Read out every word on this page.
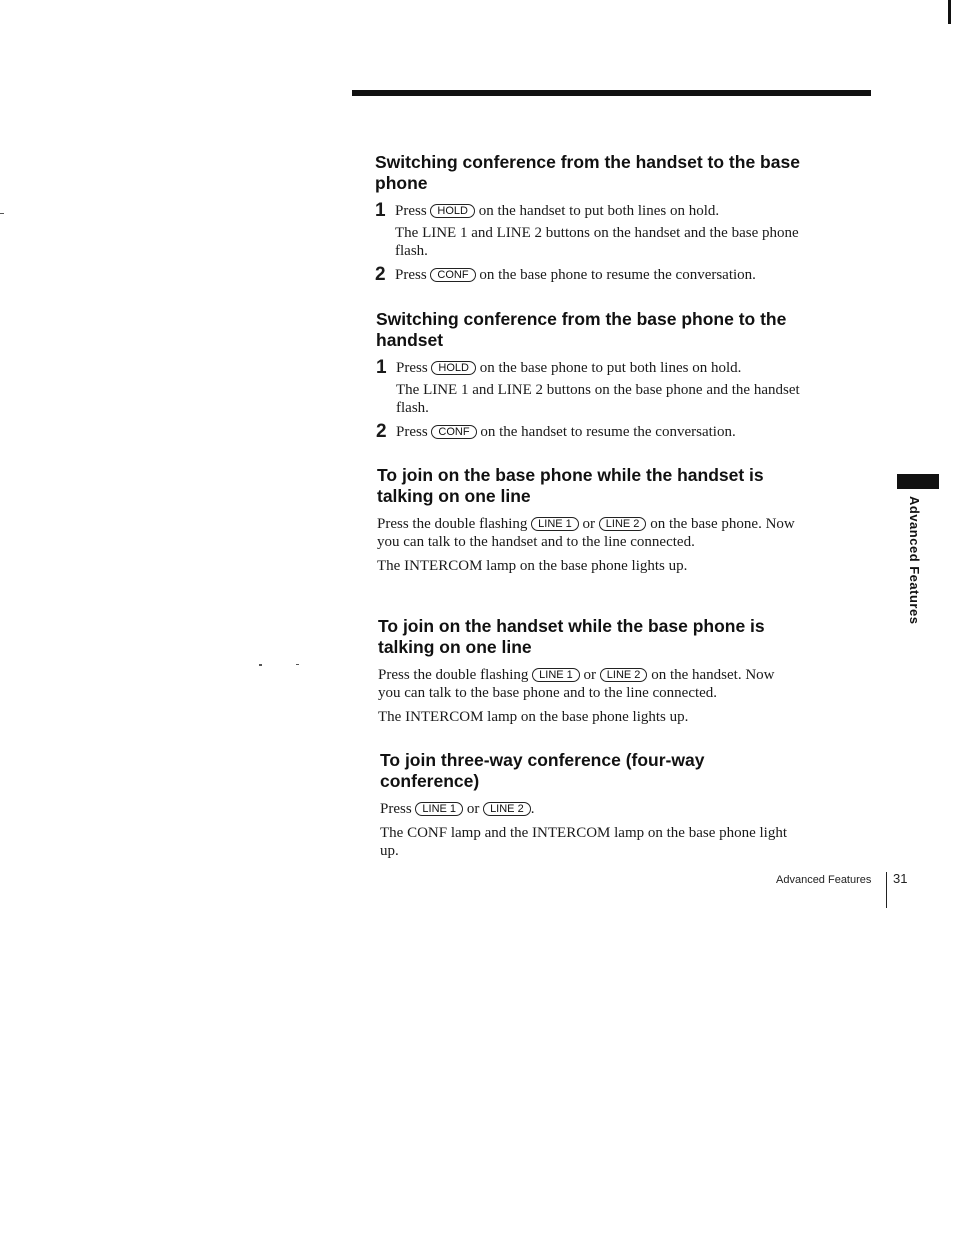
Switching conference from the handset to the base phone
1 Press HOLD on the handset to put both lines on hold.

The LINE 1 and LINE 2 buttons on the handset and the base phone flash.

2 Press CONF on the base phone to resume the conversation.

Switching conference from the base phone to the handset
1 Press HOLD on the base phone to put both lines on hold.

The LINE 1 and LINE 2 buttons on the base phone and the handset flash.

2 Press CONF on the handset to resume the conversation.

To join on the base phone while the handset is talking on one line

Press the double flashing LINE 1 or LINE 2 on the base phone. Now you can talk to the handset and to the line connected.

The INTERCOM lamp on the base phone lights up.

To join on the handset while the base phone is talking on one line

Press the double flashing LINE 1 or LINE 2 on the handset. Now you can talk to the base phone and to the line connected.

The INTERCOM lamp on the base phone lights up.

To join three-way conference (four-way conference)

Press LINE 1 or LINE 2 .

The CONF lamp and the INTERCOM lamp on the base phone light up.

Advanced Features
Advanced Features 31
